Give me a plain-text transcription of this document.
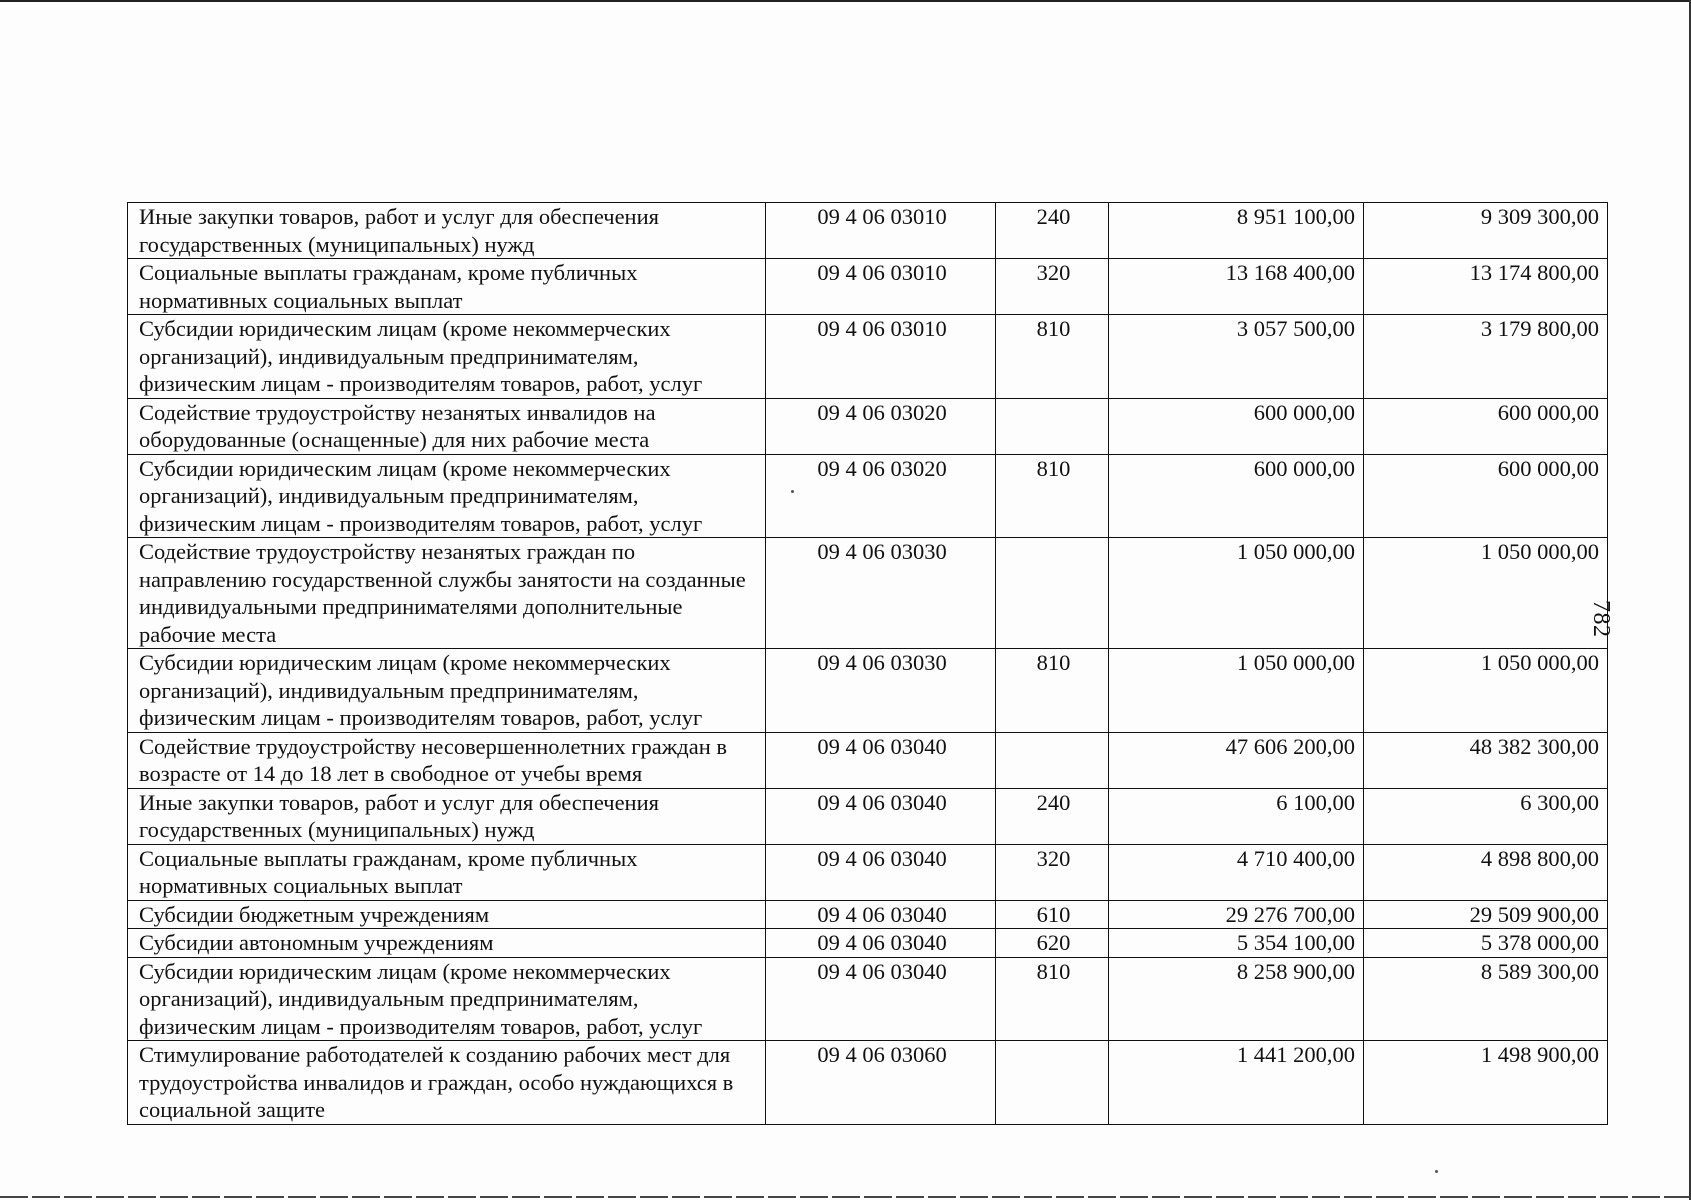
Иные закупки товаров, работ и услуг для обеспечения государственных (муниципальных) нужд	09 4 06 03010	240	8 951 100,00	9 309 300,00
Социальные выплаты гражданам, кроме публичных нормативных социальных выплат	09 4 06 03010	320	13 168 400,00	13 174 800,00
Субсидии юридическим лицам (кроме некоммерческих организаций), индивидуальным предпринимателям, физическим лицам - производителям товаров, работ, услуг	09 4 06 03010	810	3 057 500,00	3 179 800,00
Содействие трудоустройству незанятых инвалидов на оборудованные (оснащенные) для них рабочие места	09 4 06 03020		600 000,00	600 000,00
Субсидии юридическим лицам (кроме некоммерческих организаций), индивидуальным предпринимателям, физическим лицам - производителям товаров, работ, услуг	09 4 06 03020	810	600 000,00	600 000,00
Содействие трудоустройству незанятых граждан по направлению государственной службы занятости на созданные индивидуальными предпринимателями дополнительные рабочие места	09 4 06 03030		1 050 000,00	1 050 000,00
Субсидии юридическим лицам (кроме некоммерческих организаций), индивидуальным предпринимателям, физическим лицам - производителям товаров, работ, услуг	09 4 06 03030	810	1 050 000,00	1 050 000,00
Содействие трудоустройству несовершеннолетних граждан в возрасте от 14 до 18 лет в свободное от учебы время	09 4 06 03040		47 606 200,00	48 382 300,00
Иные закупки товаров, работ и услуг для обеспечения государственных (муниципальных) нужд	09 4 06 03040	240	6 100,00	6 300,00
Социальные выплаты гражданам, кроме публичных нормативных социальных выплат	09 4 06 03040	320	4 710 400,00	4 898 800,00
Субсидии бюджетным учреждениям	09 4 06 03040	610	29 276 700,00	29 509 900,00
Субсидии автономным учреждениям	09 4 06 03040	620	5 354 100,00	5 378 000,00
Субсидии юридическим лицам (кроме некоммерческих организаций), индивидуальным предпринимателям, физическим лицам - производителям товаров, работ, услуг	09 4 06 03040	810	8 258 900,00	8 589 300,00
Стимулирование работодателей к созданию рабочих мест для трудоустройства инвалидов и граждан, особо нуждающихся в социальной защите	09 4 06 03060		1 441 200,00	1 498 900,00
782
